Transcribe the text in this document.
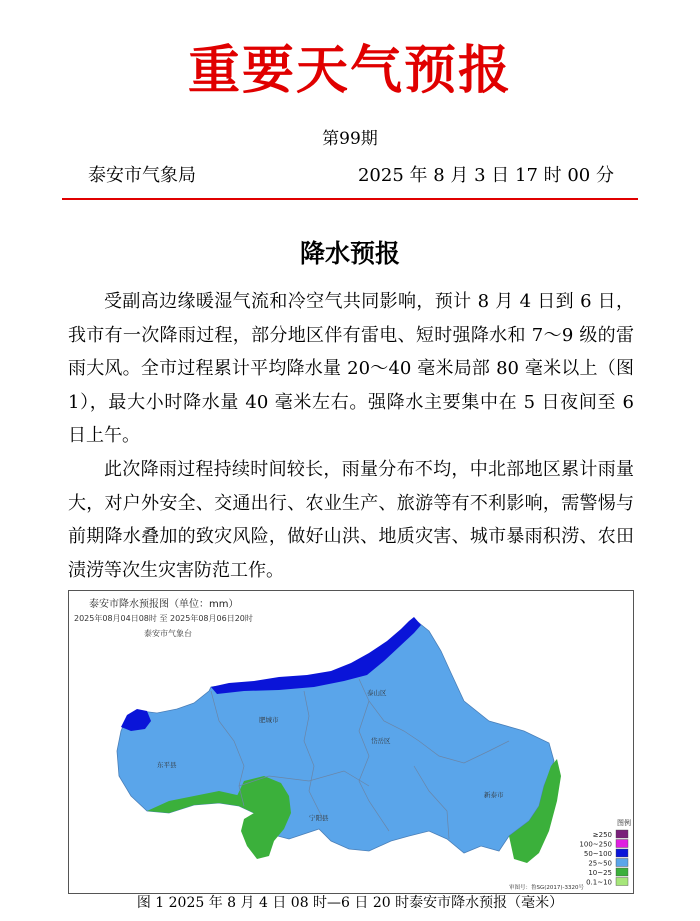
重要天气预报
第99期
泰安市气象局	2025 年 8 月 3 日 17 时 00 分
降水预报

受副高边缘暖湿气流和冷空气共同影响，预计 8 月 4 日到 6 日，我市有一次降雨过程，部分地区伴有雷电、短时强降水和 7～9 级的雷雨大风。全市过程累计平均降水量 20～40 毫米局部 80 毫米以上（图 1），最大小时降水量 40 毫米左右。强降水主要集中在 5 日夜间至 6 日上午。

此次降雨过程持续时间较长，雨量分布不均，中北部地区累计雨量大，对户外安全、交通出行、农业生产、旅游等有不利影响，需警惕与前期降水叠加的致灾风险，做好山洪、地质灾害、城市暴雨积涝、农田渍涝等次生灾害防范工作。

泰安市降水预报图（单位：mm）
2025年08月04日08时 至 2025年08月06日20时
泰安市气象台
肥城市
泰山区
岱岳区
东平县
宁阳县
新泰市
图例
≥250
100~250
50~100
25~50
10~25
0.1~10
审图号：鲁SG(2017)-3320号
图 1 2025 年 8 月 4 日 08 时—6 日 20 时泰安市降水预报（毫米）
